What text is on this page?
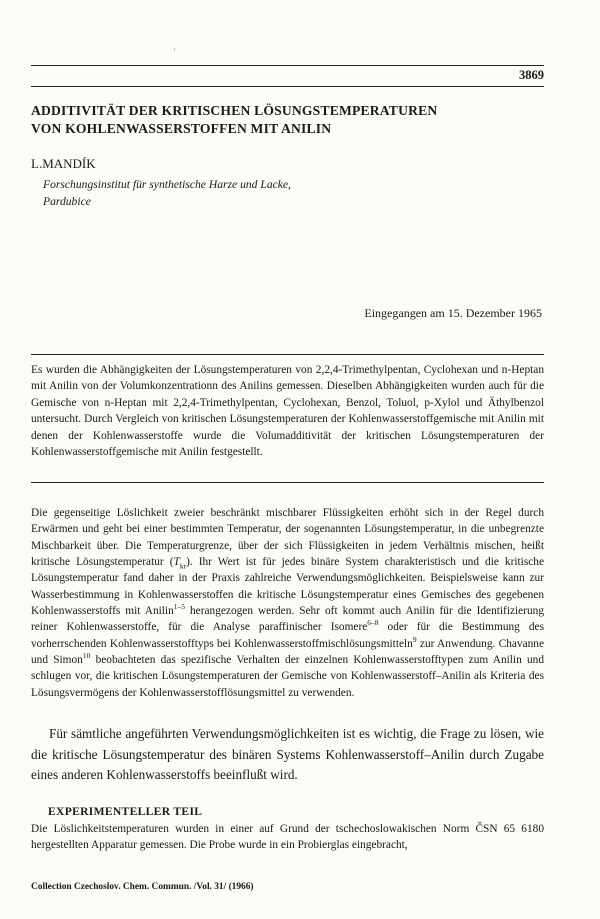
ˈ
3869
ADDITIVITÄT DER KRITISCHEN LÖSUNGSTEMPERATUREN
VON KOHLENWASSERSTOFFEN MIT ANILIN
L.MANDÍK
Forschungsinstitut für synthetische Harze und Lacke,
Pardubice
Eingegangen am 15. Dezember 1965

Es wurden die Abhängigkeiten der Lösungstemperaturen von 2,2,4-Trimethylpentan, Cyclohexan und n-Heptan mit Anilin von der Volumkonzentrationn des Anilins gemessen. Dieselben Abhängigkeiten wurden auch für die Gemische von n-Heptan mit 2,2,4-Trimethylpentan, Cyclohexan, Benzol, Toluol, p-Xylol und Äthylbenzol untersucht. Durch Vergleich von kritischen Lösungstemperaturen der Kohlenwasserstoffgemische mit Anilin mit denen der Kohlenwasserstoffe wurde die Volumadditivität der kritischen Lösungstemperaturen der Kohlenwasserstoffgemische mit Anilin festgestellt.

Die gegenseitige Löslichkeit zweier beschränkt mischbarer Flüssigkeiten erhöht sich in der Regel durch Erwärmen und geht bei einer bestimmten Temperatur, der sogenannten Lösungstemperatur, in die unbegrenzte Mischbarkeit über. Die Temperaturgrenze, über der sich Flüssigkeiten in jedem Verhältnis mischen, heißt kritische Lösungstemperatur $(T_{kr})$. Ihr Wert ist für jedes binäre System charakteristisch und die kritische Lösungstemperatur fand daher in der Praxis zahlreiche Verwendungsmöglichkeiten. Beispielsweise kann zur Wasserbestimmung in Kohlenwasserstoffen die kritische Lösungstemperatur eines Gemisches des gegebenen Kohlenwasserstoffs mit Anilin$^{1-5}$ herangezogen werden. Sehr oft kommt auch Anilin für die Identifizierung reiner Kohlenwasserstoffe, für die Analyse paraffinischer Isomere$^{6-8}$ oder für die Bestimmung des vorherrschenden Kohlenwasserstofftyps bei Kohlenwasserstoffmischlösungsmitteln$^9$ zur Anwendung. Chavanne und Simon$^{10}$ beobachteten das spezifische Verhalten der einzelnen Kohlenwasserstofftypen zum Anilin und schlugen vor, die kritischen Lösungstemperaturen der Gemische von Kohlenwasserstoff–Anilin als Kriteria des Lösungsvermögens der Kohlenwasserstofflösungsmittel zu verwenden.

Für sämtliche angeführten Verwendungsmöglichkeiten ist es wichtig, die Frage zu lösen, wie die kritische Lösungstemperatur des binären Systems Kohlenwasserstoff–Anilin durch Zugabe eines anderen Kohlenwasserstoffs beeinflußt wird.

EXPERIMENTELLER TEIL

Die Löslichkeitstemperaturen wurden in einer auf Grund der tschechoslowakischen Norm ČSN 65 6180 hergestellten Apparatur gemessen. Die Probe wurde in ein Probierglas eingebracht,

Collection Czechoslov. Chem. Commun. /Vol. 31/ (1966)
